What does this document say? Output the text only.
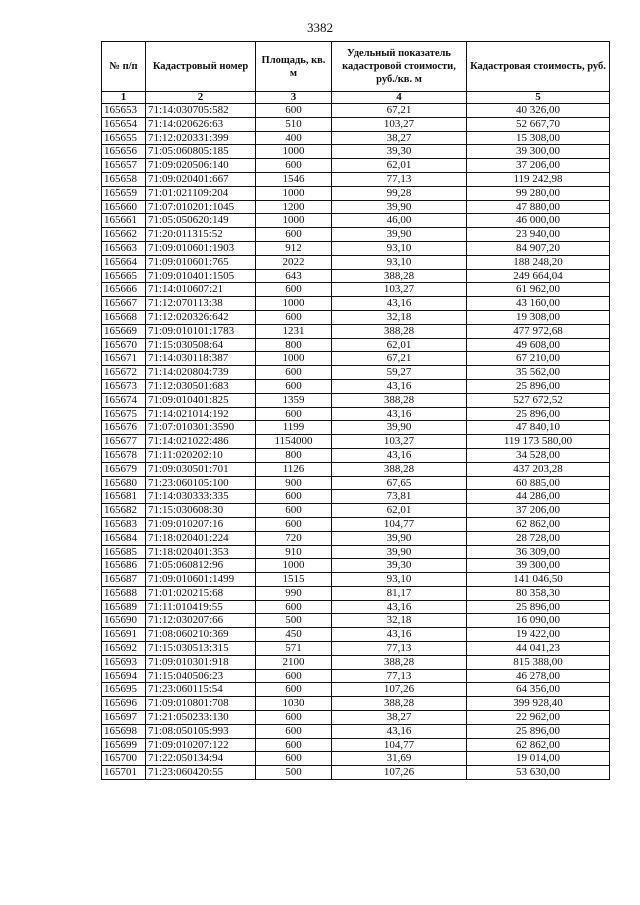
3382
№ п/п	Кадастровый номер	Площадь, кв. м	Удельный показатель кадастровой стоимости, руб./кв. м	Кадастровая стоимость, руб.
1	2	3	4	5
165653	71:14:030705:582	600	67,21	40 326,00
165654	71:14:020626:63	510	103,27	52 667,70
165655	71:12:020331:399	400	38,27	15 308,00
165656	71:05:060805:185	1000	39,30	39 300,00
165657	71:09:020506:140	600	62,01	37 206,00
165658	71:09:020401:667	1546	77,13	119 242,98
165659	71:01:021109:204	1000	99,28	99 280,00
165660	71:07:010201:1045	1200	39,90	47 880,00
165661	71:05:050620:149	1000	46,00	46 000,00
165662	71:20:011315:52	600	39,90	23 940,00
165663	71:09:010601:1903	912	93,10	84 907,20
165664	71:09:010601:765	2022	93,10	188 248,20
165665	71:09:010401:1505	643	388,28	249 664,04
165666	71:14:010607:21	600	103,27	61 962,00
165667	71:12:070113:38	1000	43,16	43 160,00
165668	71:12:020326:642	600	32,18	19 308,00
165669	71:09:010101:1783	1231	388,28	477 972,68
165670	71:15:030508:64	800	62,01	49 608,00
165671	71:14:030118:387	1000	67,21	67 210,00
165672	71:14:020804:739	600	59,27	35 562,00
165673	71:12:030501:683	600	43,16	25 896,00
165674	71:09:010401:825	1359	388,28	527 672,52
165675	71:14:021014:192	600	43,16	25 896,00
165676	71:07:010301:3590	1199	39,90	47 840,10
165677	71:14:021022:486	1154000	103,27	119 173 580,00
165678	71:11:020202:10	800	43,16	34 528,00
165679	71:09:030501:701	1126	388,28	437 203,28
165680	71:23:060105:100	900	67,65	60 885,00
165681	71:14:030333:335	600	73,81	44 286,00
165682	71:15:030608:30	600	62,01	37 206,00
165683	71:09:010207:16	600	104,77	62 862,00
165684	71:18:020401:224	720	39,90	28 728,00
165685	71:18:020401:353	910	39,90	36 309,00
165686	71:05:060812:96	1000	39,30	39 300,00
165687	71:09:010601:1499	1515	93,10	141 046,50
165688	71:01:020215:68	990	81,17	80 358,30
165689	71:11:010419:55	600	43,16	25 896,00
165690	71:12:030207:66	500	32,18	16 090,00
165691	71:08:060210:369	450	43,16	19 422,00
165692	71:15:030513:315	571	77,13	44 041,23
165693	71:09:010301:918	2100	388,28	815 388,00
165694	71:15:040506:23	600	77,13	46 278,00
165695	71:23:060115:54	600	107,26	64 356,00
165696	71:09:010801:708	1030	388,28	399 928,40
165697	71:21:050233:130	600	38,27	22 962,00
165698	71:08:050105:993	600	43,16	25 896,00
165699	71:09:010207:122	600	104,77	62 862,00
165700	71:22:050134:94	600	31,69	19 014,00
165701	71:23:060420:55	500	107,26	53 630,00
